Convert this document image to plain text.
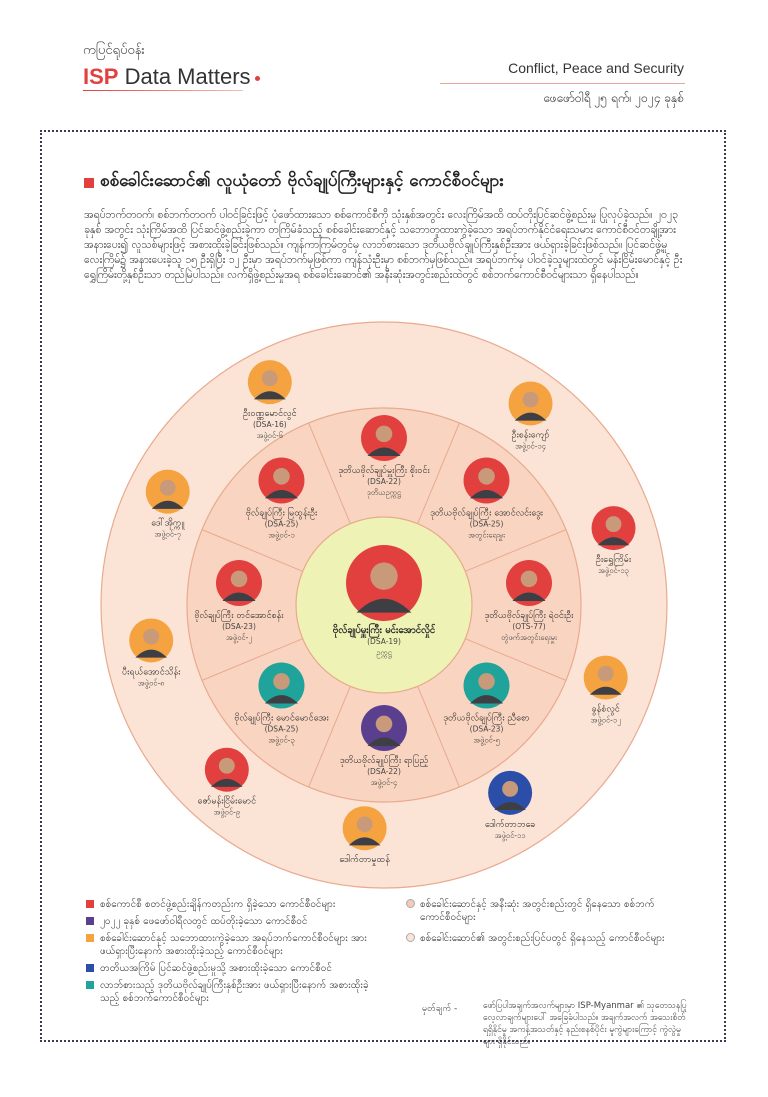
ကပြင်ရုပ်ဝန်း
ISP Data Matters	Conflict, Peace and Security
ဖေဖော်ဝါရီ ၂၅ ရက်၊ ၂၀၂၄ ခုနှစ်
စစ်ခေါင်းဆောင်၏ လူယုံတော် ဗိုလ်ချုပ်ကြီးများနှင့် ကောင်စီဝင်များ
အရပ်ဘက်တဝက်၊ စစ်ဘက်တဝက် ပါဝင်ခြင်းဖြင့် ပုံဖော်ထားသော စစ်ကောင်စီကို သုံးနှစ်အတွင်း လေးကြိမ်အထိ ထပ်တိုးပြင်ဆင်ဖွဲ့စည်းမှု ပြုလုပ်ခဲ့သည်။ ၂၀၂၃ ခုနှစ် အတွင်း သုံးကြိမ်အထိ ပြင်ဆင်ဖွဲ့စည်းခဲ့ကာ တကြိမ်ခံသည့် စစ်ခေါင်းဆောင်နှင့် သဘောတူထားကွဲခဲ့သော အရပ်ဘက်နိုင်ငံရေးသမား ကောင်စီဝင်တချို့အား အနားပေး၍ လူသစ်များဖြင့် အစားထိုးခဲ့ခြင်းဖြစ်သည်။ ကျန်ကာကြမ်တွင်မှ လာဘ်စားသော ဒုတိယဗိုလ်ချုပ်ကြီးနှစ်ဦးအား ဖယ်ရှားခဲ့ခြင်းဖြစ်သည်။ ပြင်ဆင်ဖွဲ့မှု လေးကြိမ်၌ အနားပေးခဲ့သူ ၁၅ ဦးရှိပြီး ၁၂ ဦးမှာ အရပ်ဘက်မှဖြစ်ကာ ကျန်သုံးဦးမှာ စစ်ဘက်မှဖြစ်သည်။ အရပ်ဘက်မှ ပါဝင်ခဲ့သူများထဲတွင် မန်းငြိမ်းမောင်နှင့် ဦးရွှေကြိမ်းတို့နှစ်ဦးသာ တည်မြဲပါသည်။ လက်ရှိဖွဲ့စည်းမှုအရ စစ်ခေါင်းဆောင်၏ အနီးဆုံးအတွင်းစည်းထဲတွင် စစ်ဘက်ကောင်စီဝင်များသာ ရှိနေပါသည်။
ဗိုလ်ချုပ်မှူးကြီး မင်းအောင်လှိုင်
(DSA-19)
ဥက္ကဋ္ဌ
ဒုတိယဗိုလ်ချုပ်မှူးကြီး စိုးဝင်း
(DSA-22)
ဒုတိယဥက္ကဋ္ဌ
ဒုတိယဗိုလ်ချုပ်ကြီး အောင်လင်းဒွေး
(DSA-25)
အတွင်းရေးမှူး
ဒုတိယဗိုလ်ချုပ်ကြီး ရဲဝင်းဦး
(OTS-77)
တွဲဖက်အတွင်းရေးမှူး
ဒုတိယဗိုလ်ချုပ်ကြီး ညီစော
(DSA-23)
အဖွဲ့ဝင်-၅
ဒုတိယဗိုလ်ချုပ်ကြီး ရာပြည့်
(DSA-22)
အဖွဲ့ဝင်-၄
ဗိုလ်ချုပ်ကြီး မောင်မောင်အေး
(DSA-25)
အဖွဲ့ဝင်-၃
ဗိုလ်ချုပ်ကြီး တင်အောင်စန်း
(DSA-23)
အဖွဲ့ဝင်-၂
ဗိုလ်ချုပ်ကြီး မြထွန်းဦး
(DSA-25)
အဖွဲ့ဝင်-၁
ဦးစန်းကျော်
အဖွဲ့ဝင်-၁၄
ဦးရွှေကြိမ်း
အဖွဲ့ဝင်-၁၃
ခွန်စံလွင်
အဖွဲ့ဝင်-၁၂
ဒေါက်တာဘခေ
အဖွဲ့ဝင်-၁၁
ဒေါက်တာမှုထန်
ဇော်မန်းငြိမ်းမောင်
အဖွဲ့ဝင်-၉
ပီးရယ်အောင်သိန်း
အဖွဲ့ဝင်-၈
ဒေါ်အိုက္ကူ
အဖွဲ့ဝင်-၇
ဦးဝဏ္ဏမောင်လွင်
(DSA-16)
အဖွဲ့ဝင်-၆
စစ်ကောင်စီ စတင်ဖွဲ့စည်းချိန်ကတည်းက ရှိခဲ့သော ကောင်စီဝင်များ
၂၀၂၂ ခုနှစ် ဖေဖော်ဝါရီလတွင် ထပ်တိုးခဲ့သော ကောင်စီဝင်
စစ်ခေါင်းဆောင်နှင့် သဘောထားကွဲခဲ့သော အရပ်ဘက်ကောင်စီဝင်များ အား ဖယ်ရှားပြီးနောက် အစားထိုးခဲ့သည့် ကောင်စီဝင်များ
တတိယအကြိမ် ပြင်ဆင်ဖွဲ့စည်းမှုသို့ အစားထိုးခဲ့သော ကောင်စီဝင်
လာဘ်စားသည့် ဒုတိယဗိုလ်ချုပ်ကြီးနှစ်ဦးအား ဖယ်ရှားပြီးနောက် အစားထိုးခဲ့သည့် စစ်ဘက်ကောင်စီဝင်များ
စစ်ခေါင်းဆောင်နှင့် အနီးဆုံး အတွင်းစည်းတွင် ရှိနေသော စစ်ဘက်ကောင်စီဝင်များ
စစ်ခေါင်းဆောင်၏ အတွင်းစည်းပြင်ပတွင် ရှိနေသည့် ကောင်စီဝင်များ
မှတ်ချက် -	ဖော်ပြပါအချက်အလက်များမှာ ISP-Myanmar ၏ သုတေသနပြု လေ့လာချက်များပေါ် အခြေခံပါသည်။ အချက်အလက် အသေးစိတ်ရရှိနိုင်မှု အကန့်အသတ်နှင့် နည်းစနစ်ပိုင်း မူကွဲများကြောင့် ကွဲလွဲမှုများ ရှိနိုင်သည်။
